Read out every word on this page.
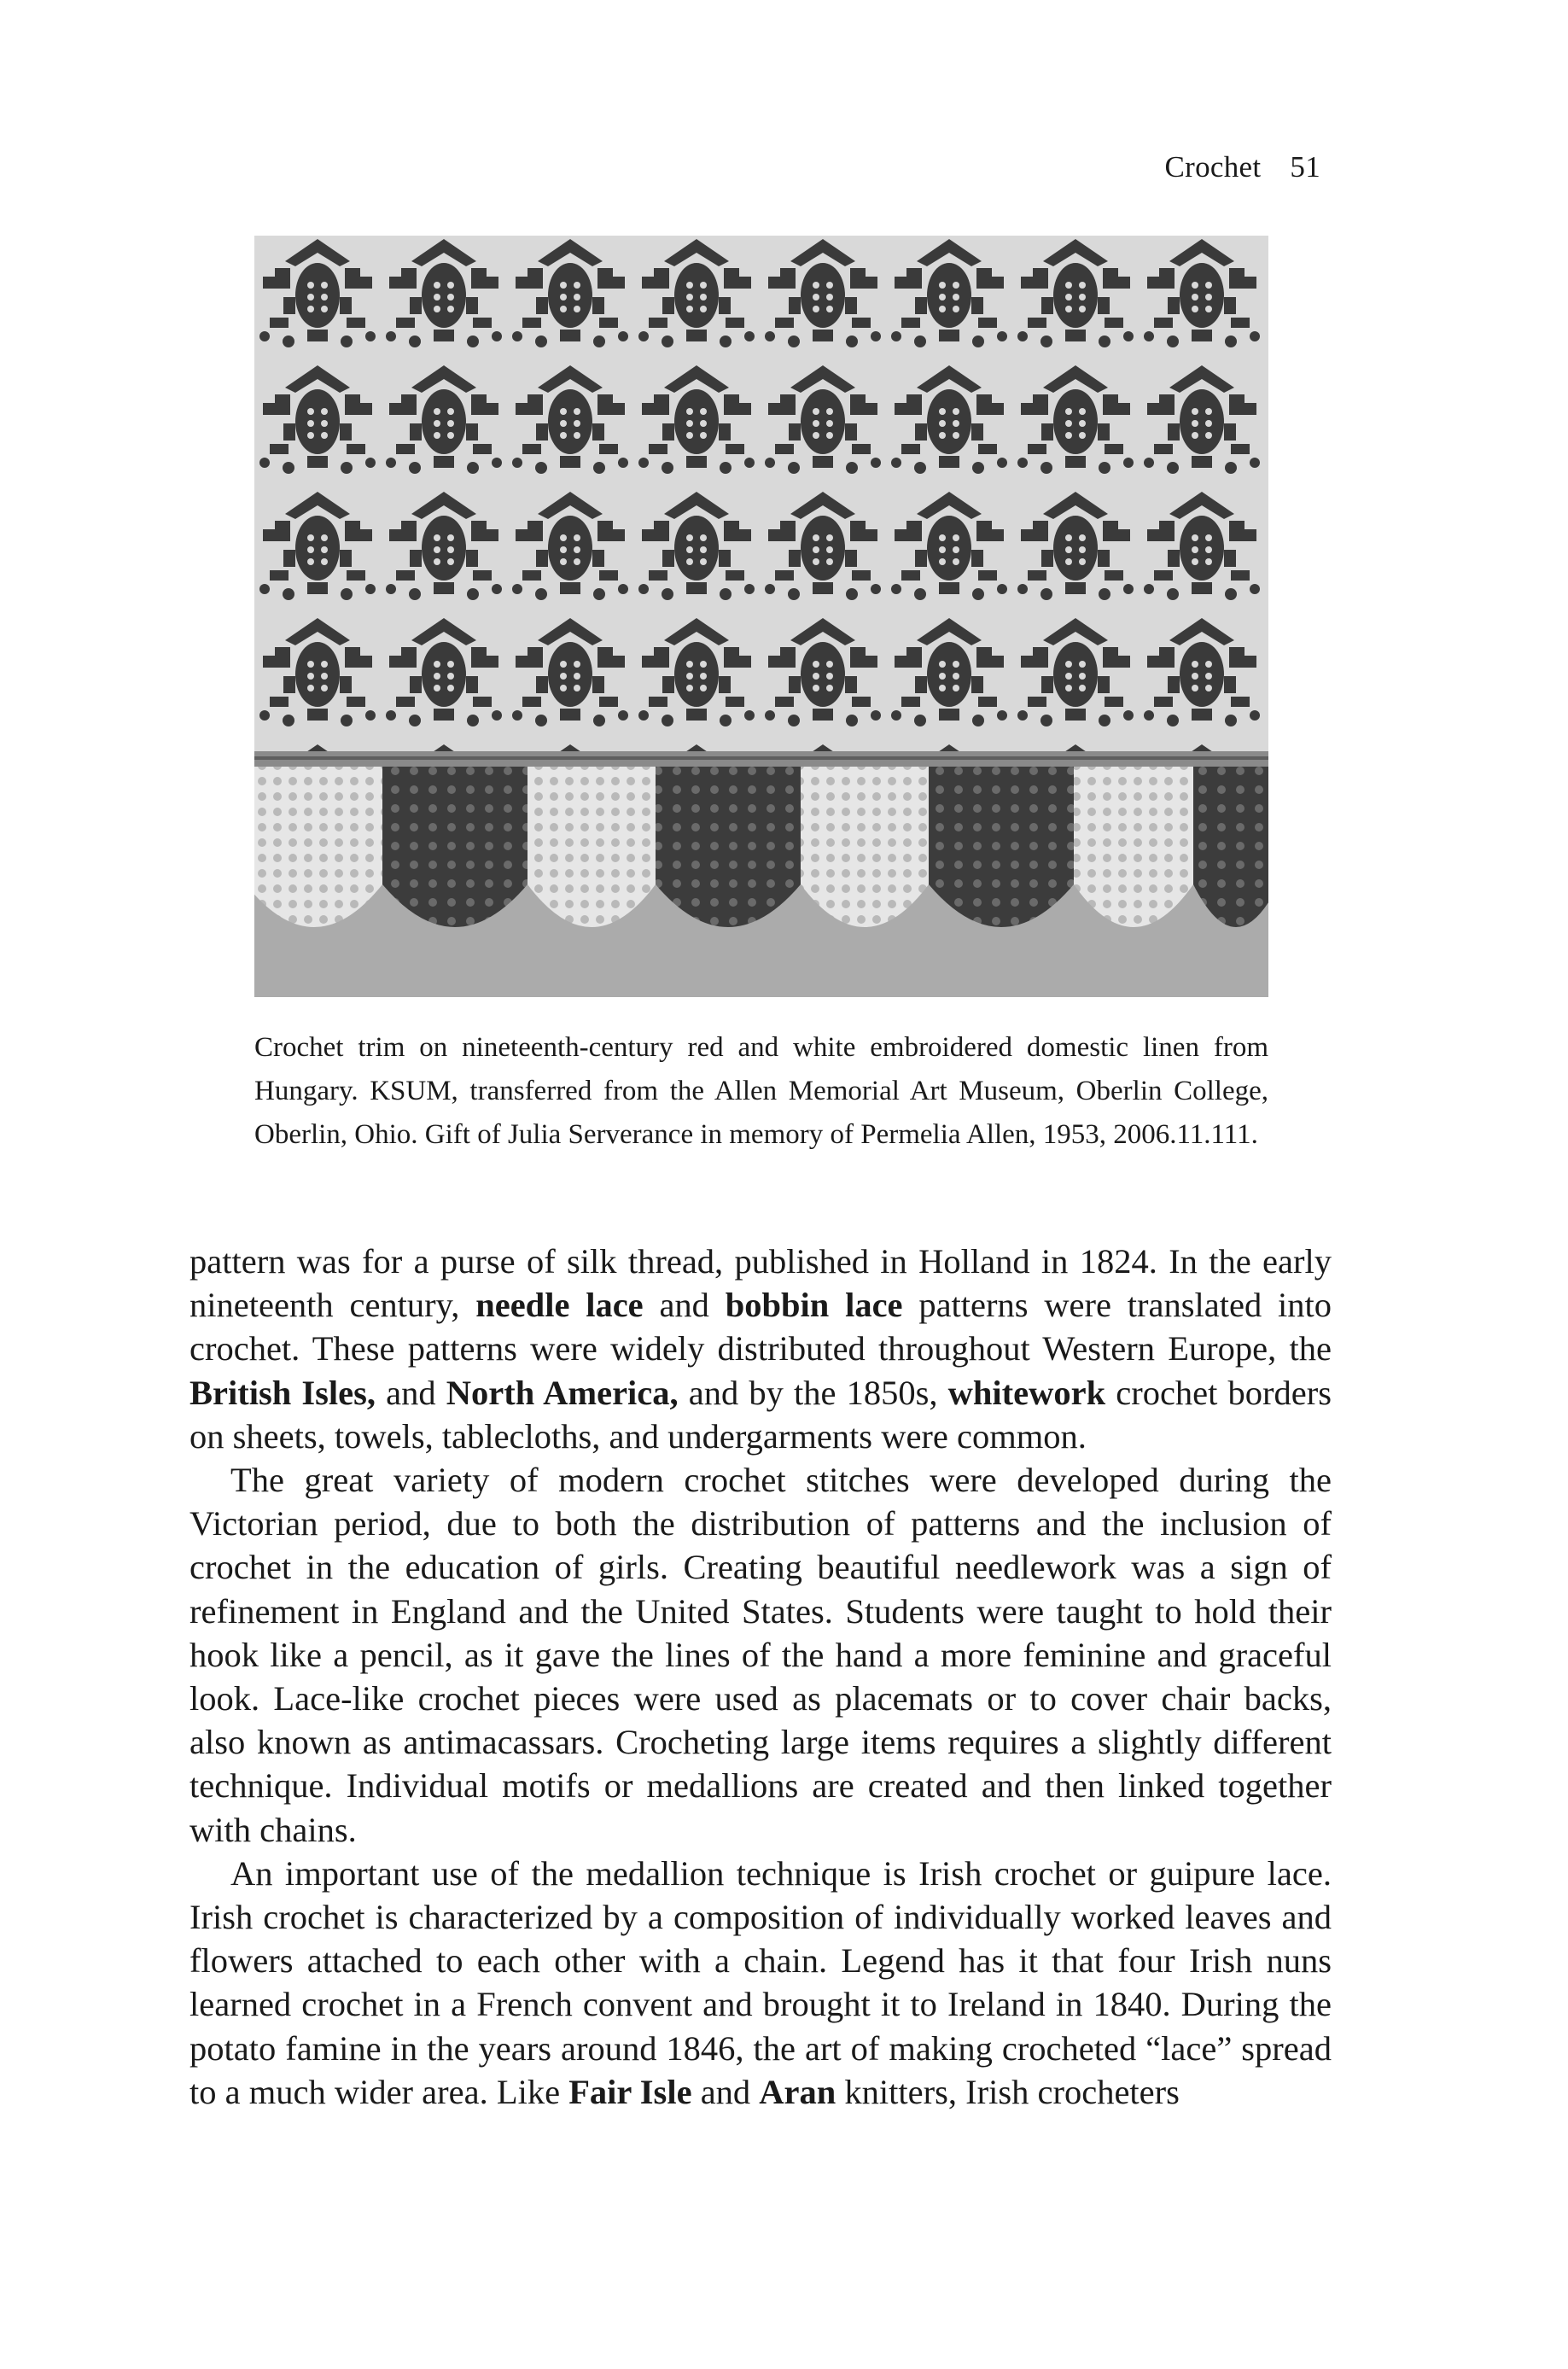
Crochet 51
Crochet trim on nineteenth-century red and white embroidered domestic linen from Hungary. KSUM, transferred from the Allen Memorial Art Museum, Oberlin College, Oberlin, Ohio. Gift of Julia Serverance in memory of Permelia Allen, 1953, 2006.11.111.

pattern was for a purse of silk thread, published in Holland in 1824. In the early nineteenth century, needle lace and bobbin lace patterns were translated into crochet. These patterns were widely distributed throughout Western Europe, the British Isles, and North America, and by the 1850s, whitework crochet borders on sheets, towels, tablecloths, and undergarments were common.

The great variety of modern crochet stitches were developed during the Victorian period, due to both the distribution of patterns and the inclusion of crochet in the education of girls. Creating beautiful needlework was a sign of refinement in England and the United States. Students were taught to hold their hook like a pencil, as it gave the lines of the hand a more feminine and graceful look. Lace-like crochet pieces were used as placemats or to cover chair backs, also known as antimacassars. Crocheting large items requires a slightly different technique. Individual motifs or medallions are created and then linked together with chains.

An important use of the medallion technique is Irish crochet or guipure lace. Irish crochet is characterized by a composition of individually worked leaves and flowers attached to each other with a chain. Legend has it that four Irish nuns learned crochet in a French convent and brought it to Ireland in 1840. During the potato famine in the years around 1846, the art of making crocheted “lace” spread to a much wider area. Like Fair Isle and Aran knitters, Irish crocheters
